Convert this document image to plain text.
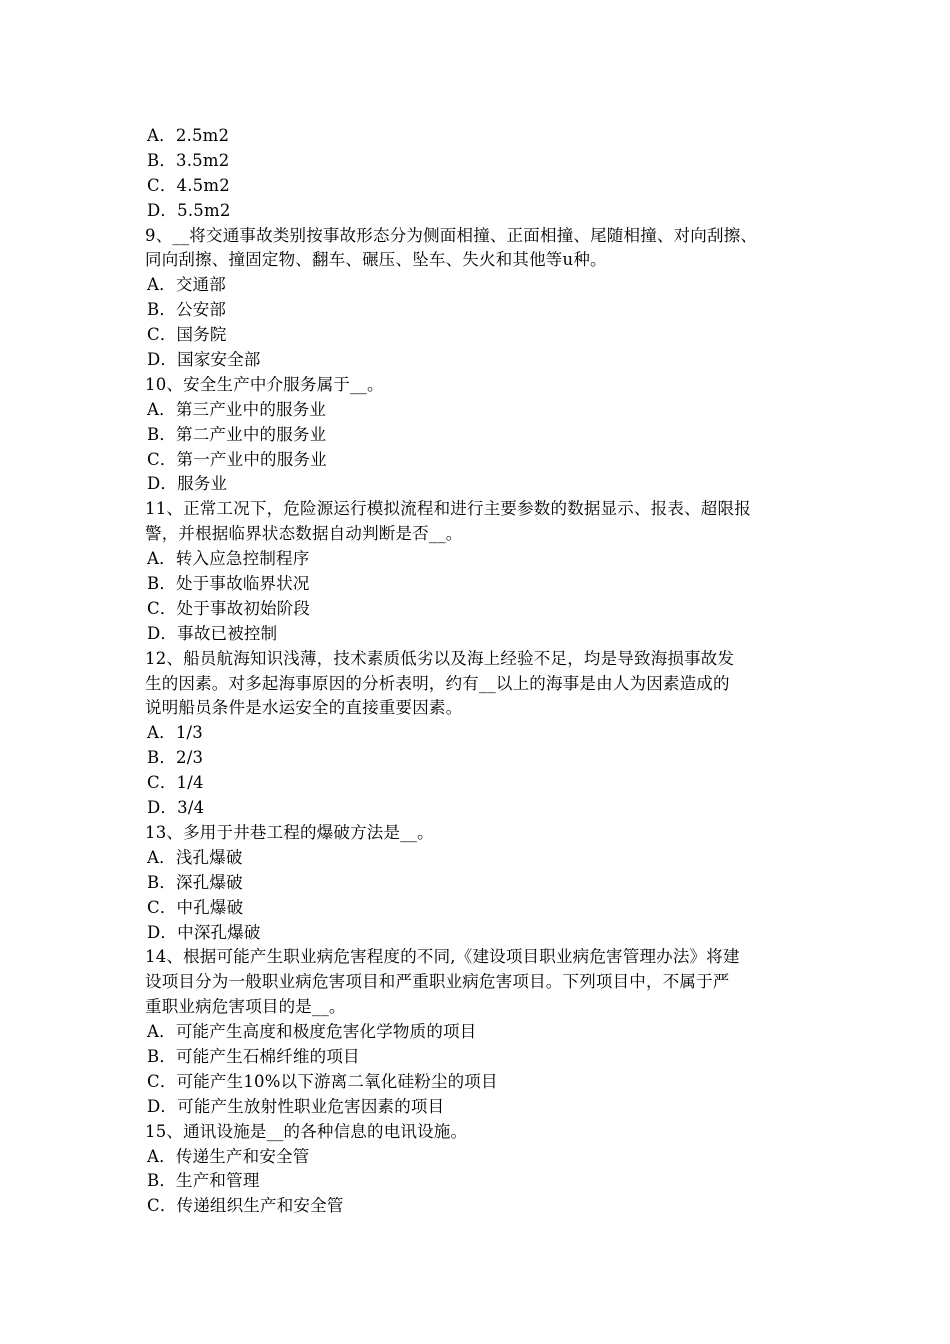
A．2.5m2
B．3.5m2
C．4.5m2
D．5.5m2
9、__将交通事故类别按事故形态分为侧面相撞、正面相撞、尾随相撞、对向刮擦、
同向刮擦、撞固定物、翻车、碾压、坠车、失火和其他等u种。
A．交通部
B．公安部
C．国务院
D．国家安全部
10、安全生产中介服务属于__。
A．第三产业中的服务业
B．第二产业中的服务业
C．第一产业中的服务业
D．服务业
11、正常工况下，危险源运行模拟流程和进行主要参数的数据显示、报表、超限报
警，并根据临界状态数据自动判断是否__。
A．转入应急控制程序
B．处于事故临界状况
C．处于事故初始阶段
D．事故已被控制
12、船员航海知识浅薄，技术素质低劣以及海上经验不足，均是导致海损事故发
生的因素。对多起海事原因的分析表明，约有__以上的海事是由人为因素造成的
说明船员条件是水运安全的直接重要因素。
A．1/3
B．2/3
C．1/4
D．3/4
13、多用于井巷工程的爆破方法是__。
A．浅孔爆破
B．深孔爆破
C．中孔爆破
D．中深孔爆破
14、根据可能产生职业病危害程度的不同,《建设项目职业病危害管理办法》将建
设项目分为一般职业病危害项目和严重职业病危害项目。下列项目中，不属于严
重职业病危害项目的是__。
A．可能产生高度和极度危害化学物质的项目
B．可能产生石棉纤维的项目
C．可能产生10%以下游离二氧化硅粉尘的项目
D．可能产生放射性职业危害因素的项目
15、通讯设施是__的各种信息的电讯设施。
A．传递生产和安全管
B．生产和管理
C．传递组织生产和安全管
